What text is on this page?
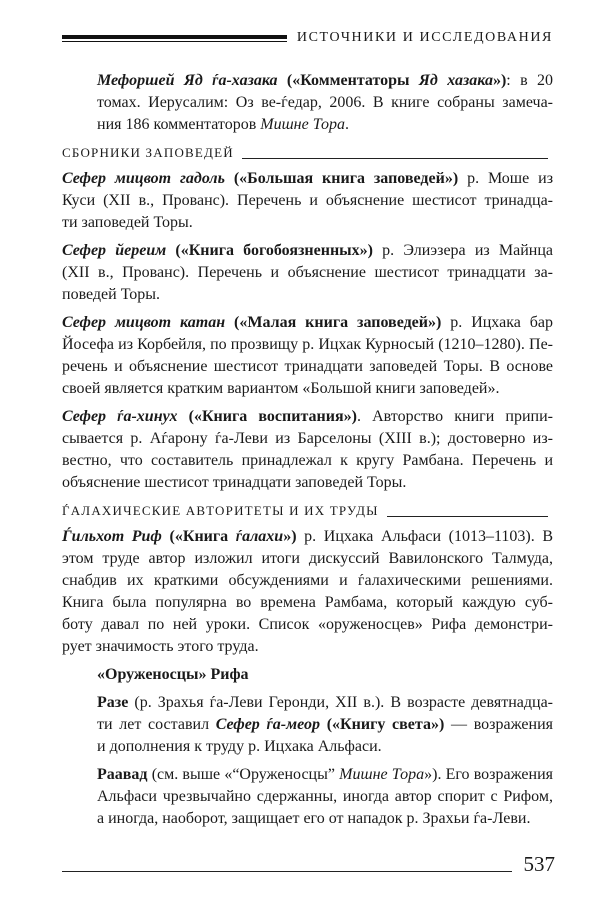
ИСТОЧНИКИ И ИССЛЕДОВАНИЯ
Мефоршей Яд ѓа-хазака («Комментаторы Яд хазака»): в 20
томах. Иерусалим: Оз ве-ѓедар, 2006. В книге собраны замеча-
ния 186 комментаторов Мишне Тора.
СБОРНИКИ ЗАПОВЕДЕЙ
Сефер мицвот гадоль («Большая книга заповедей») р. Моше из
Куси (XII в., Прованс). Перечень и объяснение шестисот тринадца-
ти заповедей Торы.
Сефер йереим («Книга богобоязненных») р. Элиэзера из Майнца
(XII в., Прованс). Перечень и объяснение шестисот тринадцати за-
поведей Торы.
Сефер мицвот катан («Малая книга заповедей») р. Ицхака бар
Йосефа из Корбейля, по прозвищу р. Ицхак Курносый (1210–1280). Пе-
речень и объяснение шестисот тринадцати заповедей Торы. В основе
своей является кратким вариантом «Большой книги заповедей».
Сефер ѓа-хинух («Книга воспитания»). Авторство книги припи-
сывается р. Аѓарону ѓа-Леви из Барселоны (XIII в.); достоверно из-
вестно, что составитель принадлежал к кругу Рамбана. Перечень и
объяснение шестисот тринадцати заповедей Торы.
ЃАЛАХИЧЕСКИЕ АВТОРИТЕТЫ И ИХ ТРУДЫ
Ѓильхот Риф («Книга ѓалахи») р. Ицхака Альфаси (1013–1103). В
этом труде автор изложил итоги дискуссий Вавилонского Талмуда,
снабдив их краткими обсуждениями и ѓалахическими решениями.
Книга была популярна во времена Рамбама, который каждую суб-
боту давал по ней уроки. Список «оруженосцев» Рифа демонстри-
рует значимость этого труда.
«Оруженосцы» Рифа
Разе (р. Зрахья ѓа-Леви Геронди, XII в.). В возрасте девятнадца-
ти лет составил Сефер ѓа-меор («Книгу света») — возражения
и дополнения к труду р. Ицхака Альфаси.
Раавад (см. выше «“Оруженосцы” Мишне Тора»). Его возражения
Альфаси чрезвычайно сдержанны, иногда автор спорит с Рифом,
а иногда, наоборот, защищает его от нападок р. Зрахьи ѓа-Леви.
537
